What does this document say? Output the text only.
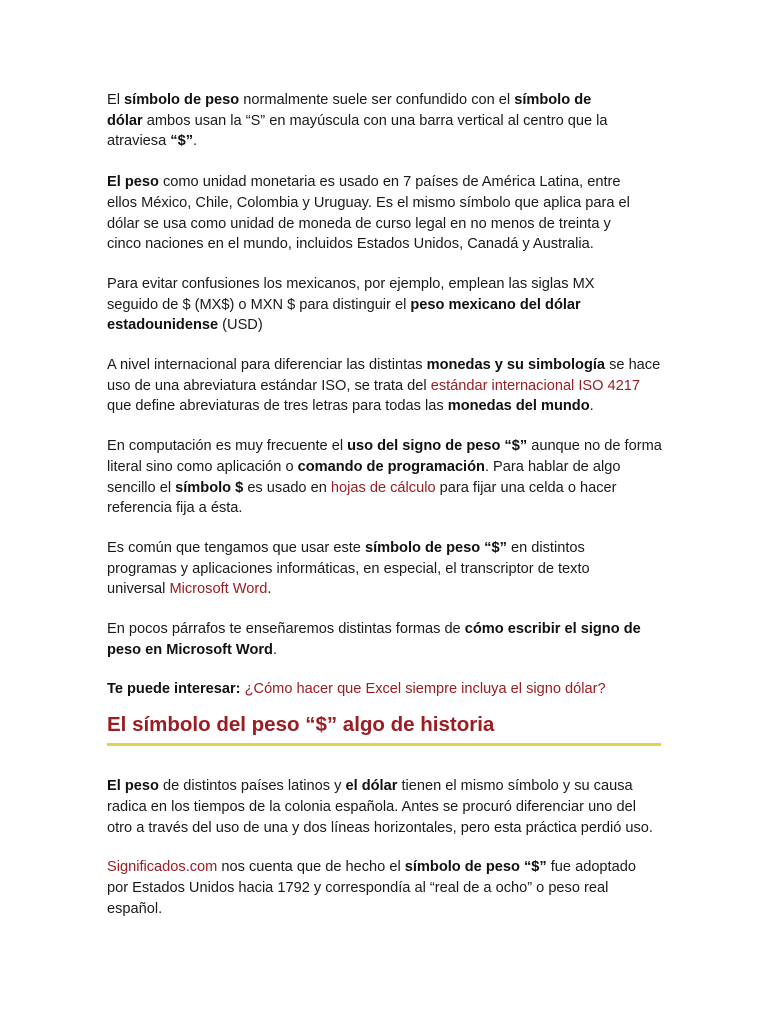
El símbolo de peso normalmente suele ser confundido con el símbolo de
dólar ambos usan la “S” en mayúscula con una barra vertical al centro que la
atraviesa “$”.

El peso como unidad monetaria es usado en 7 países de América Latina, entre ellos México, Chile, Colombia y Uruguay. Es el mismo símbolo que aplica para el dólar se usa como unidad de moneda de curso legal en no menos de treinta y cinco naciones en el mundo, incluidos Estados Unidos, Canadá y Australia.

Para evitar confusiones los mexicanos, por ejemplo, emplean las siglas MX seguido de $ (MX$) o MXN $ para distinguir el peso mexicano del dólar estadounidense (USD)

A nivel internacional para diferenciar las distintas monedas y su simbología se hace uso de una abreviatura estándar ISO, se trata del estándar internacional ISO 4217 que define abreviaturas de tres letras para todas las monedas del mundo.

En computación es muy frecuente el uso del signo de peso “$” aunque no de forma literal sino como aplicación o comando de programación. Para hablar de algo sencillo el símbolo $ es usado en hojas de cálculo para fijar una celda o hacer referencia fija a ésta.

Es común que tengamos que usar este símbolo de peso “$” en distintos programas y aplicaciones informáticas, en especial, el transcriptor de texto universal Microsoft Word.

En pocos párrafos te enseñaremos distintas formas de cómo escribir el signo de peso en Microsoft Word.

Te puede interesar: ¿Cómo hacer que Excel siempre incluya el signo dólar?

El símbolo del peso “$” algo de historia

El peso de distintos países latinos y el dólar tienen el mismo símbolo y su causa radica en los tiempos de la colonia española. Antes se procuró diferenciar uno del otro a través del uso de una y dos líneas horizontales, pero esta práctica perdió uso.

Significados.com nos cuenta que de hecho el símbolo de peso “$” fue adoptado por Estados Unidos hacia 1792 y correspondía al “real de a ocho” o peso real español.
